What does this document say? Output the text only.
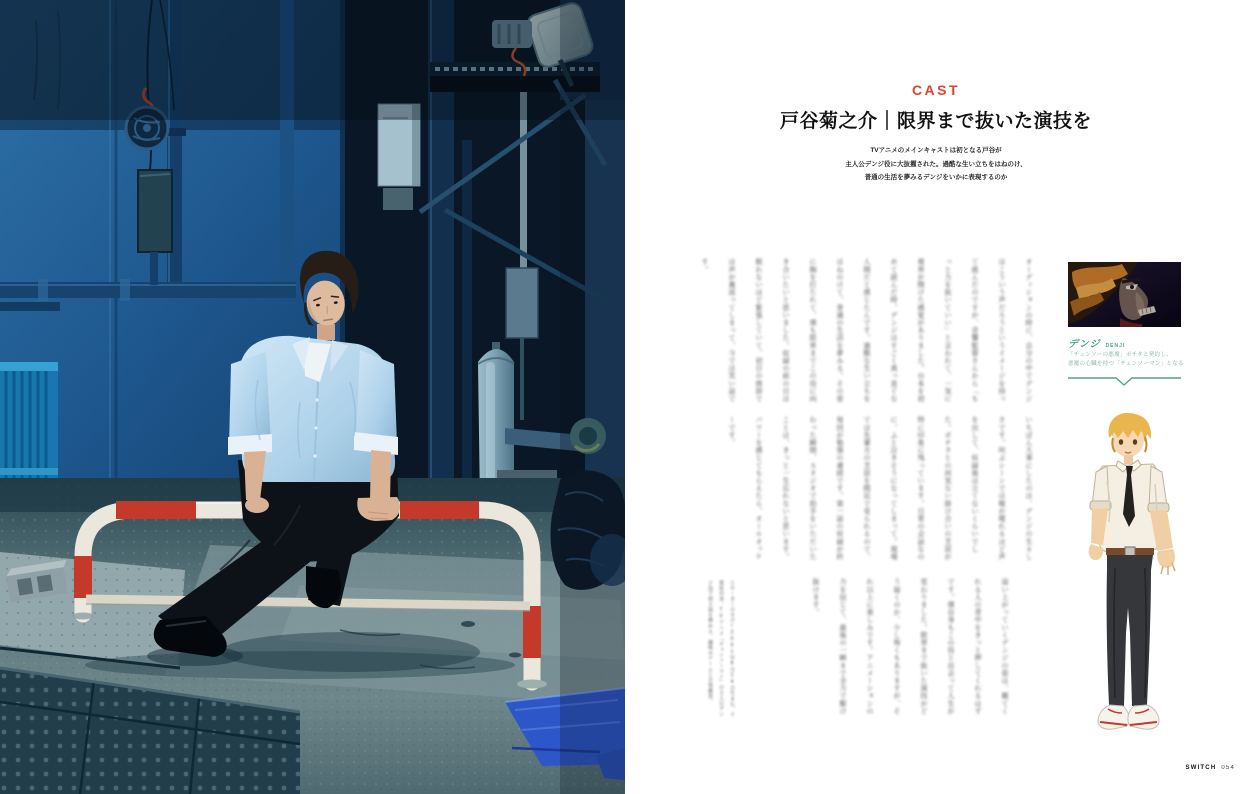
CAST
戸谷菊之介｜限界まで抜いた演技を

TVアニメのメインキャストは初となる戸谷が

主人公デンジ役に大抜擢された。過酷な生い立ちをはねのけ、

普通の生活を夢みるデンジをいかに表現するのか

オーディションの時に、自分の中でデンジはこういう声だろうというイメージを持って挑んだのですが、音響監督さんから「もっと力を抜いていい」と言われて、一気に視界が開けた感覚がありました。台本を初めて読んだ時、デンジはすごく真っ直ぐな人間だと感じたんです。過酷な生い立ちをはねのけて、普通の生活を夢みる。その姿に胸を打たれて、僕も限界までこの役に向き合いたいと思いました。収録の前の日は眠れないほど緊張していて、初日の挨拶では声が裏返ってしまって、今では笑い話です。
いちばん大事にしたのは、デンジの生々しさです。叫ぶシーンでは喉が嗄れるほど声を出して、収録後は立てないくらいでした。ポチタとの何気ない掛け合いの芝居が特に印象に残っています。日常の会話なのに、ふと泣きそうになってしまって。現場では先輩方の芝居を間近で見られるので、毎回が勉強の連続です。第一話の収録が終わった瞬間、スタジオで拍手をいただいたことは、きっと一生忘れないと思います。パワーを感じてもらえたら、オールオッケーです。
這い上がっていくデンジの姿は、観てくれる人の背中をきっと押してくれるはずです。僕自身もこの役と出会って人生が変わりました。限界まで抜いた演技がどう届くのか、少し怖くもありますが、それ以上に楽しみです。アニメーションの力を信じて、最後の一瞬まで全力で駆け抜けます。
とや・きくのすけ/2001年8月14日生まれ、千葉県出身。TVアニメ『チェンソーマン』の主人公デンジ役で初主演を務める。趣味はゲームと音楽鑑賞。
デンジ DENJI

「チェンソーの悪魔」ポチタと契約し、

悪魔の心臓を持つ「チェンソーマン」となる

SWITCH 054
